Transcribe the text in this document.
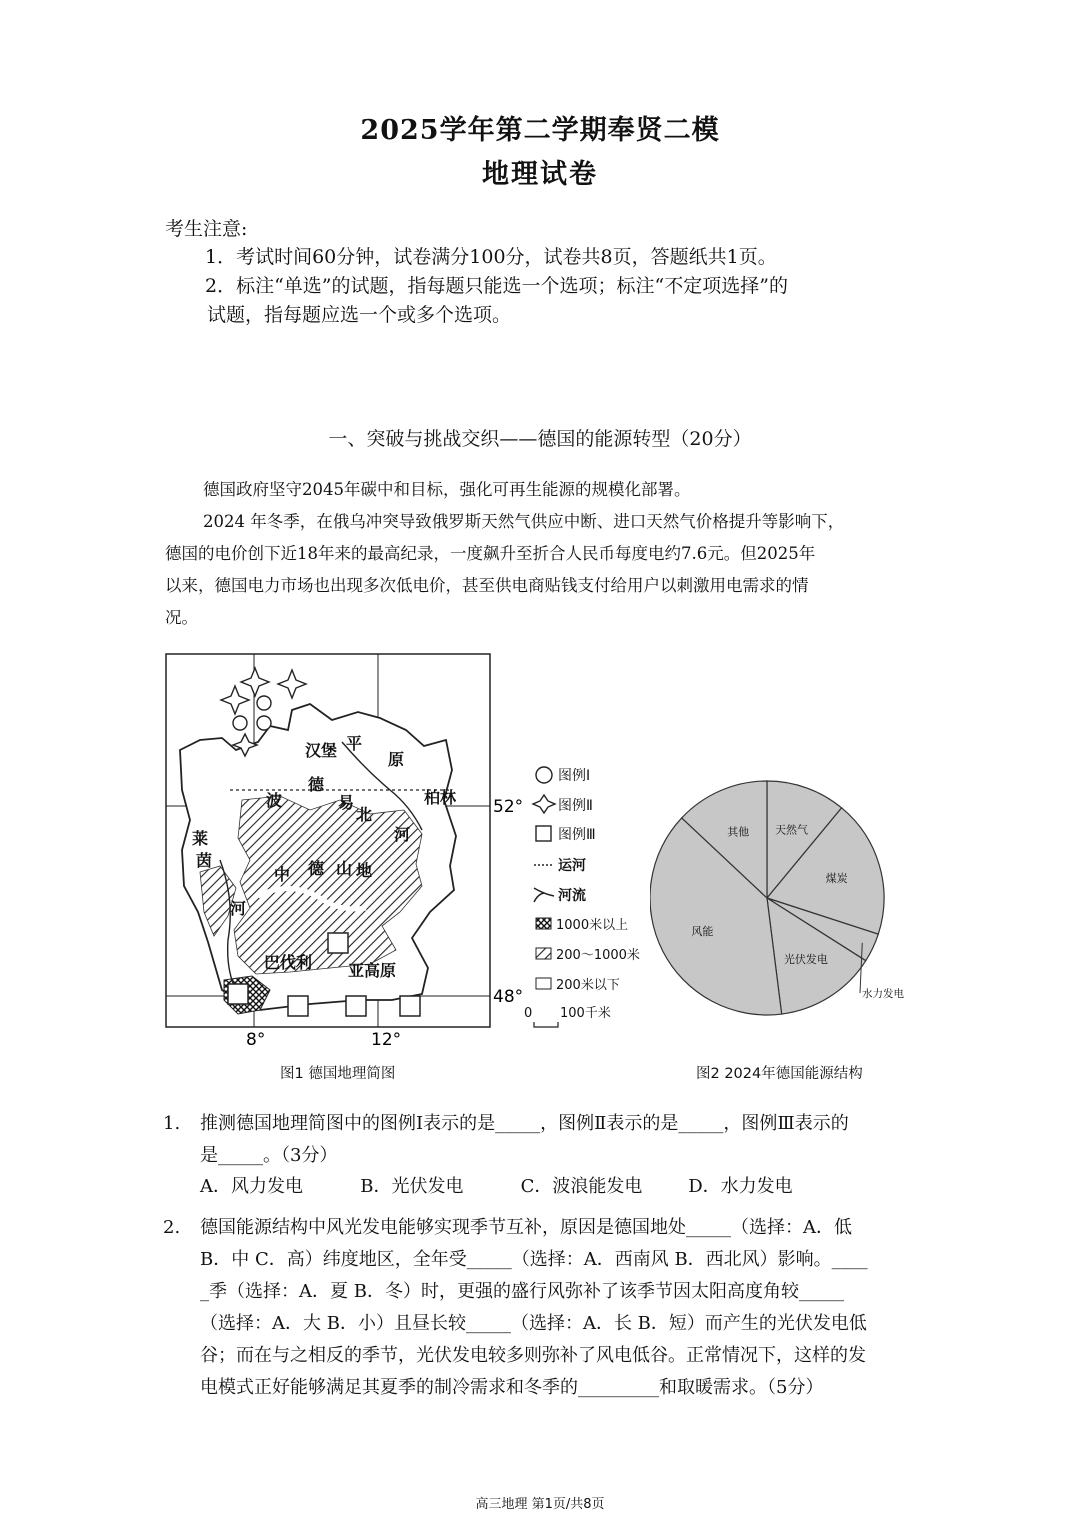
2025学年第二学期奉贤二模
地理试卷
考生注意:
1．考试时间60分钟，试卷满分100分，试卷共8页，答题纸共1页。
2．标注“单选”的试题，指每题只能选一个选项；标注“不定项选择”的
试题，指每题应选一个或多个选项。
一、突破与挑战交织——德国的能源转型（20分）
德国政府坚守2045年碳中和目标，强化可再生能源的规模化部署。
2024 年冬季，在俄乌冲突导致俄罗斯天然气供应中断、进口天然气价格提升等影响下，
德国的电价创下近18年来的最高纪录，一度飙升至折合人民币每度电约7.6元。但2025年
以来，德国电力市场也出现多次低电价，甚至供电商贴钱支付给用户以刺激用电需求的情
况。
汉堡 平
原
波
德
易	柏林
莱
茵
河
北
河
中 德 山 地
巴伐利 亚高原
52°
48°
8°	12°
图例Ⅰ
图例Ⅱ
图例Ⅲ
运河
河流
1000米以上
200～1000米
200米以下
0 100千米
图1 德国地理简图
天然气
煤炭
水力发电
光伏发电
风能
其他
图2 2024年德国能源结构
1. 推测德国地理简图中的图例Ⅰ表示的是_____，图例Ⅱ表示的是_____，图例Ⅲ表示的
是_____。（3分）
A．风力发电          B．光伏发电          C．波浪能发电        D．水力发电
2. 德国能源结构中风光发电能够实现季节互补，原因是德国地处_____（选择：A．低
B．中 C．高）纬度地区，全年受_____（选择：A．西南风 B．西北风）影响。____
_季（选择：A．夏 B．冬）时，更强的盛行风弥补了该季节因太阳高度角较_____
（选择：A．大 B．小）且昼长较_____（选择：A．长 B．短）而产生的光伏发电低
谷；而在与之相反的季节，光伏发电较多则弥补了风电低谷。正常情况下，这样的发
电模式正好能够满足其夏季的制冷需求和冬季的_________和取暖需求。（5分）
高三地理 第1页/共8页
